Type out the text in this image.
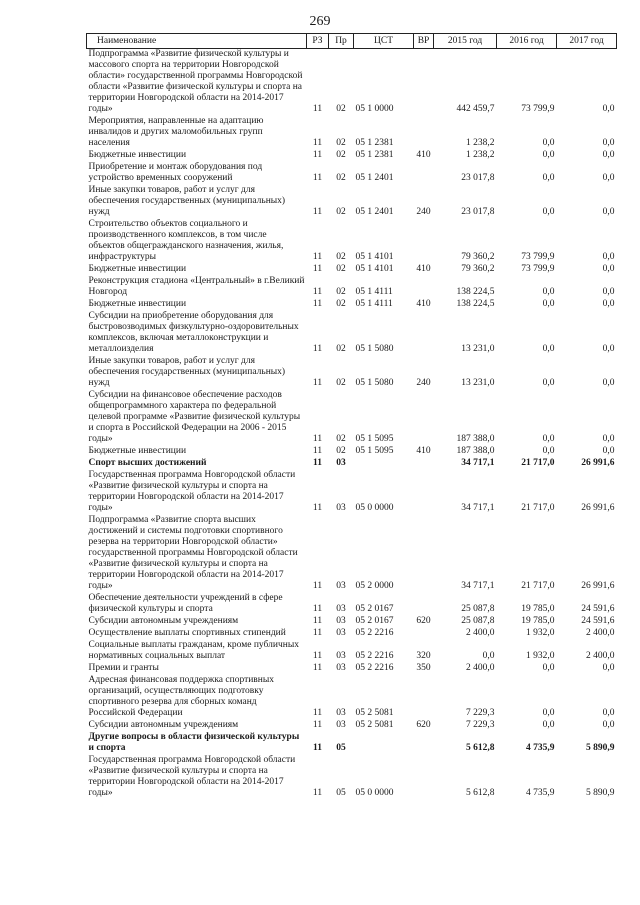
269
Наименование	РЗ	Пр	ЦСТ	ВР	2015 год	2016 год	2017 год
Подпрограмма «Развитие физической культуры и массового спорта на территории Новгородской области» государственной программы Новгородской области «Развитие физической культуры и спорта на территории Новгородской области на 2014-2017 годы»	11	02	05 1 0000		442 459,7	73 799,9	0,0
Мероприятия, направленные на адаптацию инвалидов и других маломобильных групп населения	11	02	05 1 2381		1 238,2	0,0	0,0
Бюджетные инвестиции	11	02	05 1 2381	410	1 238,2	0,0	0,0
Приобретение и монтаж оборудования под устройство временных сооружений	11	02	05 1 2401		23 017,8	0,0	0,0
Иные закупки товаров, работ и услуг для обеспечения государственных (муниципальных) нужд	11	02	05 1 2401	240	23 017,8	0,0	0,0
Строительство объектов социального и производственного комплексов, в том числе объектов общегражданского назначения, жилья, инфраструктуры	11	02	05 1 4101		79 360,2	73 799,9	0,0
Бюджетные инвестиции	11	02	05 1 4101	410	79 360,2	73 799,9	0,0
Реконструкция стадиона «Центральный» в г.Великий Новгород	11	02	05 1 4111		138 224,5	0,0	0,0
Бюджетные инвестиции	11	02	05 1 4111	410	138 224,5	0,0	0,0
Субсидии на приобретение оборудования для быстровозводимых физкультурно-оздоровительных комплексов, включая металлоконструкции и металлоизделия	11	02	05 1 5080		13 231,0	0,0	0,0
Иные закупки товаров, работ и услуг для обеспечения государственных (муниципальных) нужд	11	02	05 1 5080	240	13 231,0	0,0	0,0
Субсидии на финансовое обеспечение расходов общепрограммного характера по федеральной целевой программе «Развитие физической культуры и спорта в Российской Федерации на 2006 - 2015 годы»	11	02	05 1 5095		187 388,0	0,0	0,0
Бюджетные инвестиции	11	02	05 1 5095	410	187 388,0	0,0	0,0
Спорт высших достижений	11	03			34 717,1	21 717,0	26 991,6
Государственная программа Новгородской области «Развитие физической культуры и спорта на территории Новгородской области на 2014-2017 годы»	11	03	05 0 0000		34 717,1	21 717,0	26 991,6
Подпрограмма «Развитие спорта высших достижений и системы подготовки спортивного резерва на территории Новгородской области» государственной программы Новгородской области «Развитие физической культуры и спорта на территории Новгородской области на 2014-2017 годы»	11	03	05 2 0000		34 717,1	21 717,0	26 991,6
Обеспечение деятельности учреждений в сфере физической культуры и спорта	11	03	05 2 0167		25 087,8	19 785,0	24 591,6
Субсидии автономным учреждениям	11	03	05 2 0167	620	25 087,8	19 785,0	24 591,6
Осуществление выплаты спортивных стипендий	11	03	05 2 2216		2 400,0	1 932,0	2 400,0
Социальные выплаты гражданам, кроме публичных нормативных социальных выплат	11	03	05 2 2216	320	0,0	1 932,0	2 400,0
Премии и гранты	11	03	05 2 2216	350	2 400,0	0,0	0,0
Адресная финансовая поддержка спортивных организаций, осуществляющих подготовку спортивного резерва для сборных команд Российской Федерации	11	03	05 2 5081		7 229,3	0,0	0,0
Субсидии автономным учреждениям	11	03	05 2 5081	620	7 229,3	0,0	0,0
Другие вопросы в области физической культуры и спорта	11	05			5 612,8	4 735,9	5 890,9
Государственная программа Новгородской области «Развитие физической культуры и спорта на территории Новгородской области на 2014-2017 годы»	11	05	05 0 0000		5 612,8	4 735,9	5 890,9
